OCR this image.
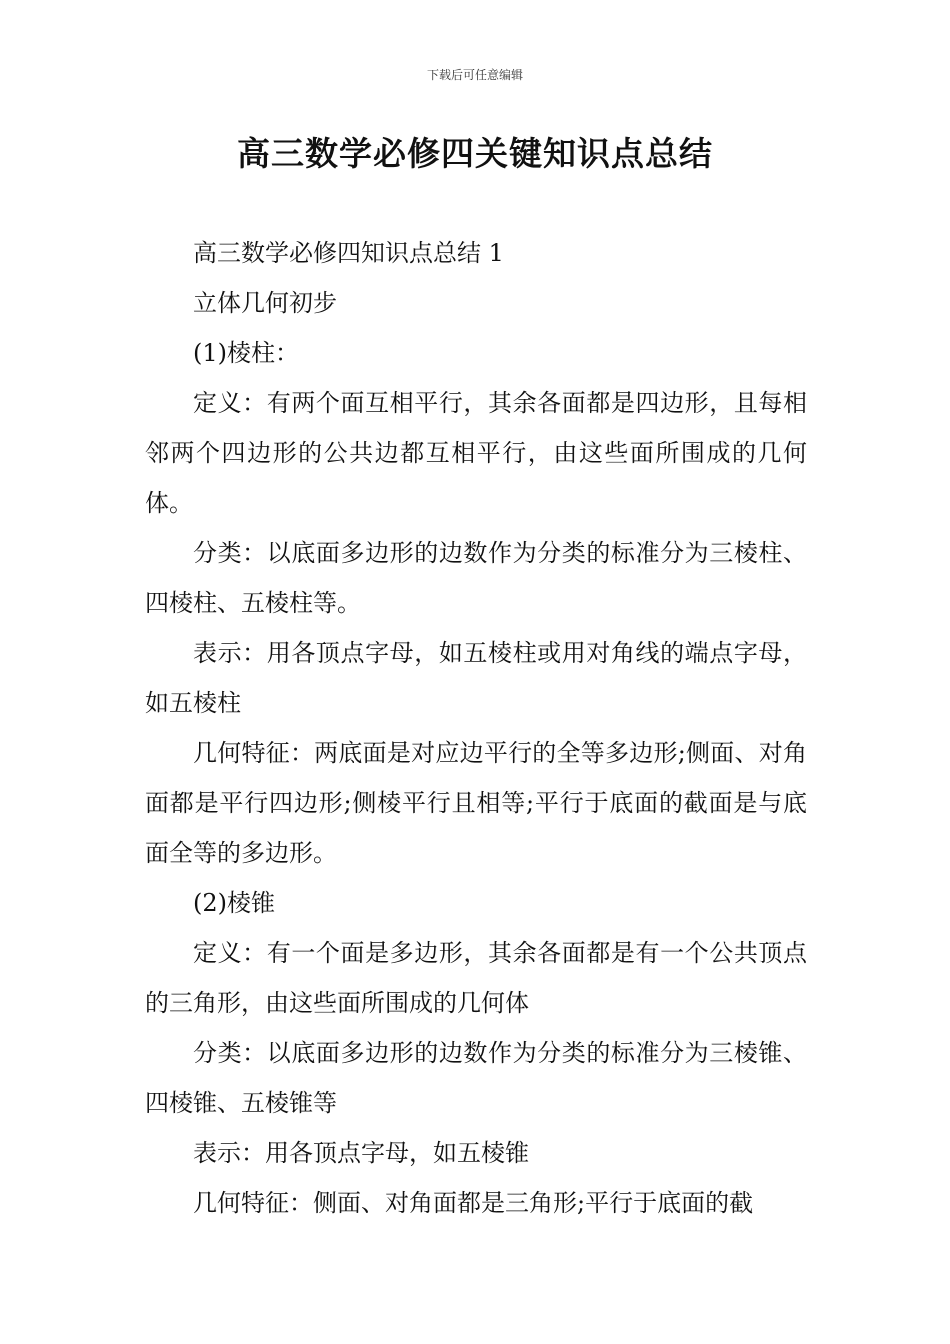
下载后可任意编辑
高三数学必修四关键知识点总结

高三数学必修四知识点总结 1

立体几何初步

(1)棱柱：

定义：有两个面互相平行，其余各面都是四边形，且每相邻两个四边形的公共边都互相平行，由这些面所围成的几何体。

分类：以底面多边形的边数作为分类的标准分为三棱柱、四棱柱、五棱柱等。

表示：用各顶点字母，如五棱柱或用对角线的端点字母，如五棱柱

几何特征：两底面是对应边平行的全等多边形;侧面、对角面都是平行四边形;侧棱平行且相等;平行于底面的截面是与底面全等的多边形。

(2)棱锥

定义：有一个面是多边形，其余各面都是有一个公共顶点的三角形，由这些面所围成的几何体

分类：以底面多边形的边数作为分类的标准分为三棱锥、四棱锥、五棱锥等

表示：用各顶点字母，如五棱锥

几何特征：侧面、对角面都是三角形;平行于底面的截
